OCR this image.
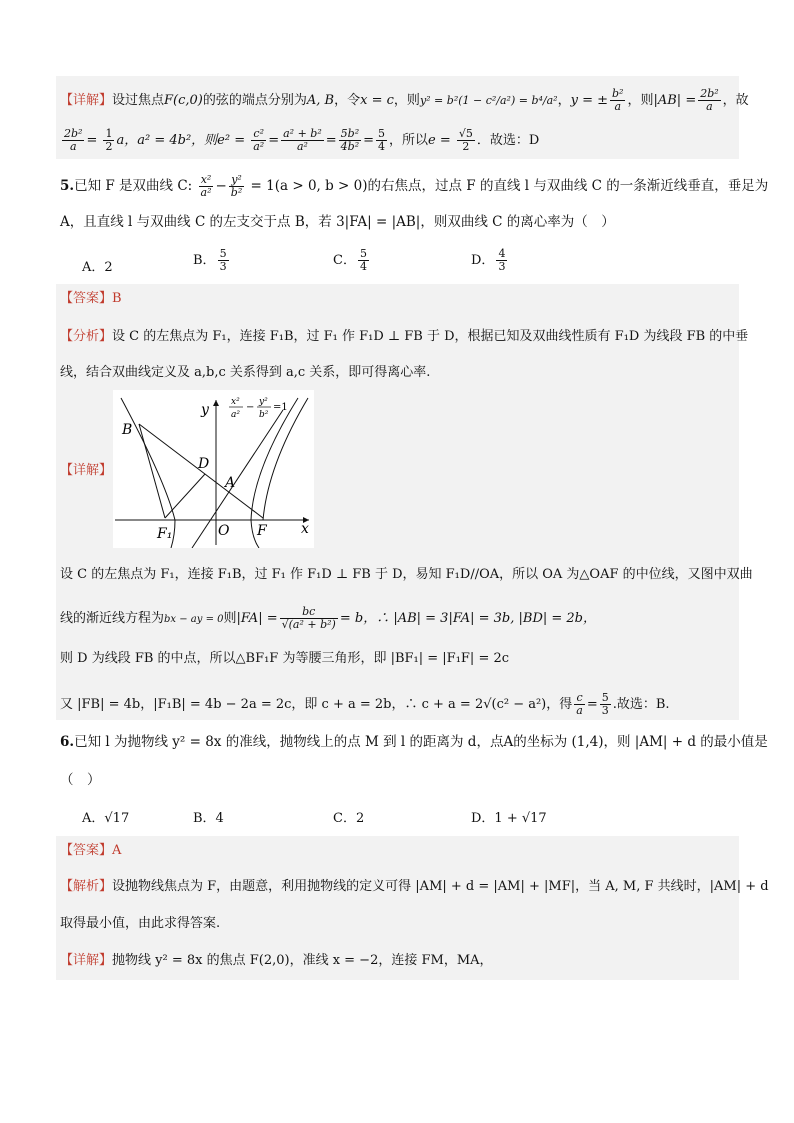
【详解】设过焦点F(c,0)的弦的端点分别为A, B，令x = c，则y² = b²(1 − c²/a²) = b⁴/a²，y = ± $\frac{\text{b²}}{a}$ ，则$|AB| = \frac{\text{2b²}}{a}$ ，故
$\frac{\text{2b²}}{a} = \frac{1}{2}$ a，a² = 4b²，则$e^2 = \frac{\text{c²}}{\text{a²}} = \frac{\text{a² + b²}}{\text{a²}} = \frac{\text{5b²}}{\text{4b²}} = \frac{5}{4}$ ，所以$e = \frac{√5}{2}$ ．故选：D
5.已知 F 是双曲线 C: $\frac{\text{x²}}{\text{a²}} - \frac{\text{y²}}{\text{b²}} = 1(a > 0$, b > 0)的右焦点，过点 F 的直线 l 与双曲线 C 的一条渐近线垂直，垂足为
A，且直线 l 与双曲线 C 的左支交于点 B，若 3|FA| = |AB|，则双曲线 C 的离心率为（　）
A．2	B． $\frac{5}{3}$	C． $\frac{5}{4}$	D． $\frac{4}{3}$
【答案】B
【分析】设 C 的左焦点为 F₁，连接 F₁B，过 F₁ 作 F₁D ⊥ FB 于 D，根据已知及双曲线性质有 F₁D 为线段 FB 的中垂
线，结合双曲线定义及 a,b,c 关系得到 a,c 关系，即可得离心率.
【详解】
x²
a²
− y²
b²
=1
y
B
D
A
F₁	O F x
设 C 的左焦点为 F₁，连接 F₁B，过 F₁ 作 F₁D ⊥ FB 于 D，易知 F₁D//OA，所以 OA 为△OAF 的中位线，又图中双曲
线的渐近线方程为bx − ay = 0则$|FA| = \frac{bc}{\text{√(a² + b²)}} = b$，∴ |AB| = 3|FA| = 3b, |BD| = 2b，
则 D 为线段 FB 的中点，所以△BF₁F 为等腰三角形，即 |BF₁| = |F₁F| = 2c
又 |FB| = 4b，|F₁B| = 4b − 2a = 2c，即 c + a = 2b，∴ c + a = 2√(c² − a²)，得 $\frac{c}{a} = \frac{5}{3}$ .故选：B.
6.已知 l 为抛物线 y² = 8x 的准线，抛物线上的点 M 到 l 的距离为 d，点A的坐标为 (1,4)，则 |AM| + d 的最小值是
（　）
A．√17	B．4	C．2	D．1 + √17
【答案】A
【解析】设抛物线焦点为 F，由题意，利用抛物线的定义可得 |AM| + d = |AM| + |MF|，当 A, M, F 共线时，|AM| + d
取得最小值，由此求得答案.
【详解】抛物线 y² = 8x 的焦点 F(2,0)，准线 x = −2，连接 FM，MA，
